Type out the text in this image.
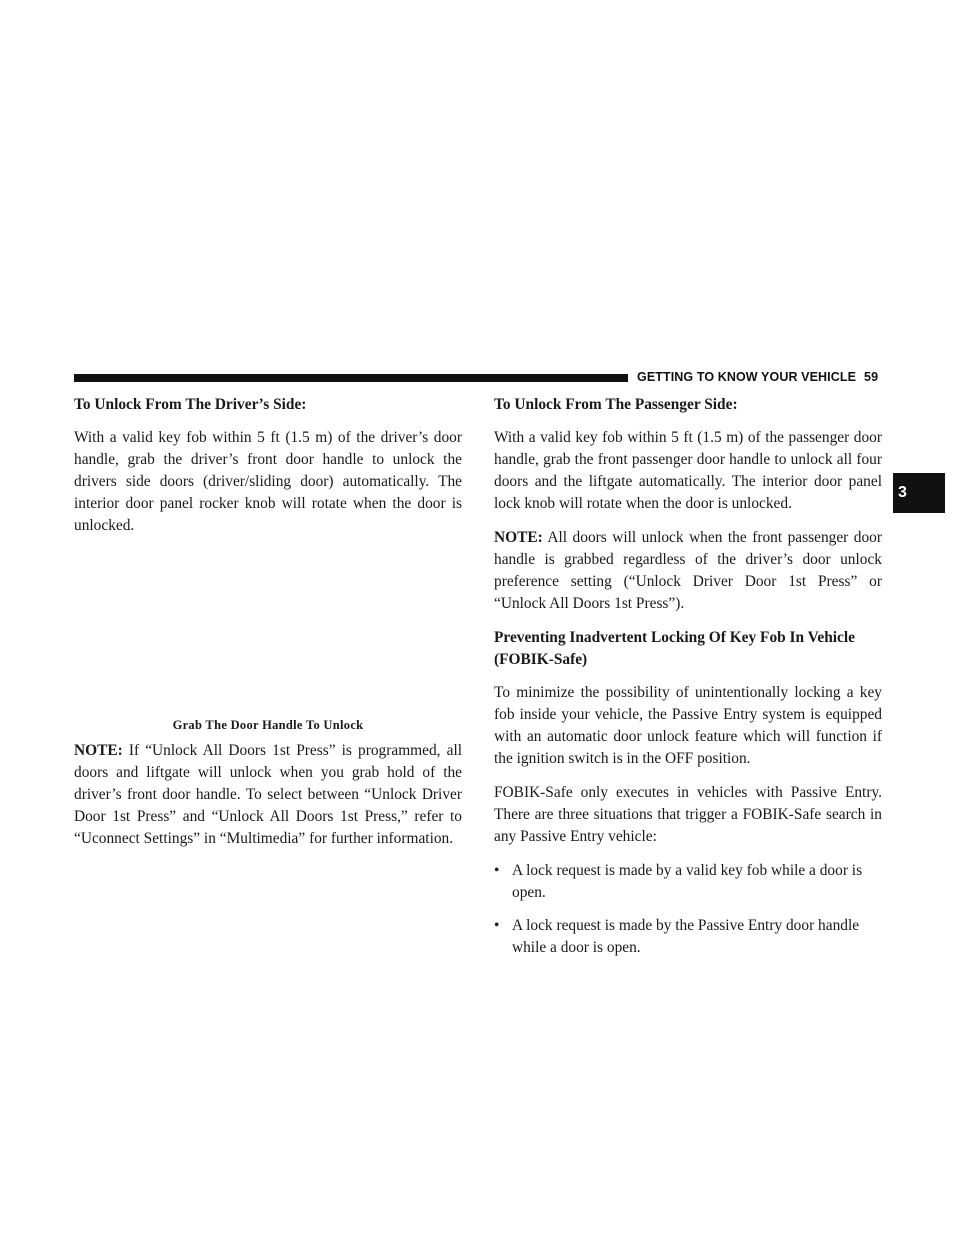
GETTING TO KNOW YOUR VEHICLE 59
3

To Unlock From The Driver’s Side:

With a valid key fob within 5 ft (1.5 m) of the driver’s door handle, grab the driver’s front door handle to unlock the drivers side doors (driver/sliding door) automatically. The interior door panel rocker knob will rotate when the door is unlocked.

Grab The Door Handle To Unlock

NOTE: If “Unlock All Doors 1st Press” is programmed, all doors and liftgate will unlock when you grab hold of the driver’s front door handle. To select between “Unlock Driver Door 1st Press” and “Unlock All Doors 1st Press,” refer to “Uconnect Settings” in “Multimedia” for further information.

To Unlock From The Passenger Side:

With a valid key fob within 5 ft (1.5 m) of the passenger door handle, grab the front passenger door handle to unlock all four doors and the liftgate automatically. The interior door panel lock knob will rotate when the door is unlocked.

NOTE: All doors will unlock when the front passenger door handle is grabbed regardless of the driver’s door unlock preference setting (“Unlock Driver Door 1st Press” or “Unlock All Doors 1st Press”).

Preventing Inadvertent Locking Of Key Fob In Vehicle (FOBIK-Safe)

To minimize the possibility of unintentionally locking a key fob inside your vehicle, the Passive Entry system is equipped with an automatic door unlock feature which will function if the ignition switch is in the OFF position.

FOBIK-Safe only executes in vehicles with Passive Entry. There are three situations that trigger a FOBIK-Safe search in any Passive Entry vehicle:

• A lock request is made by a valid key fob while a door is open.
• A lock request is made by the Passive Entry door handle while a door is open.
